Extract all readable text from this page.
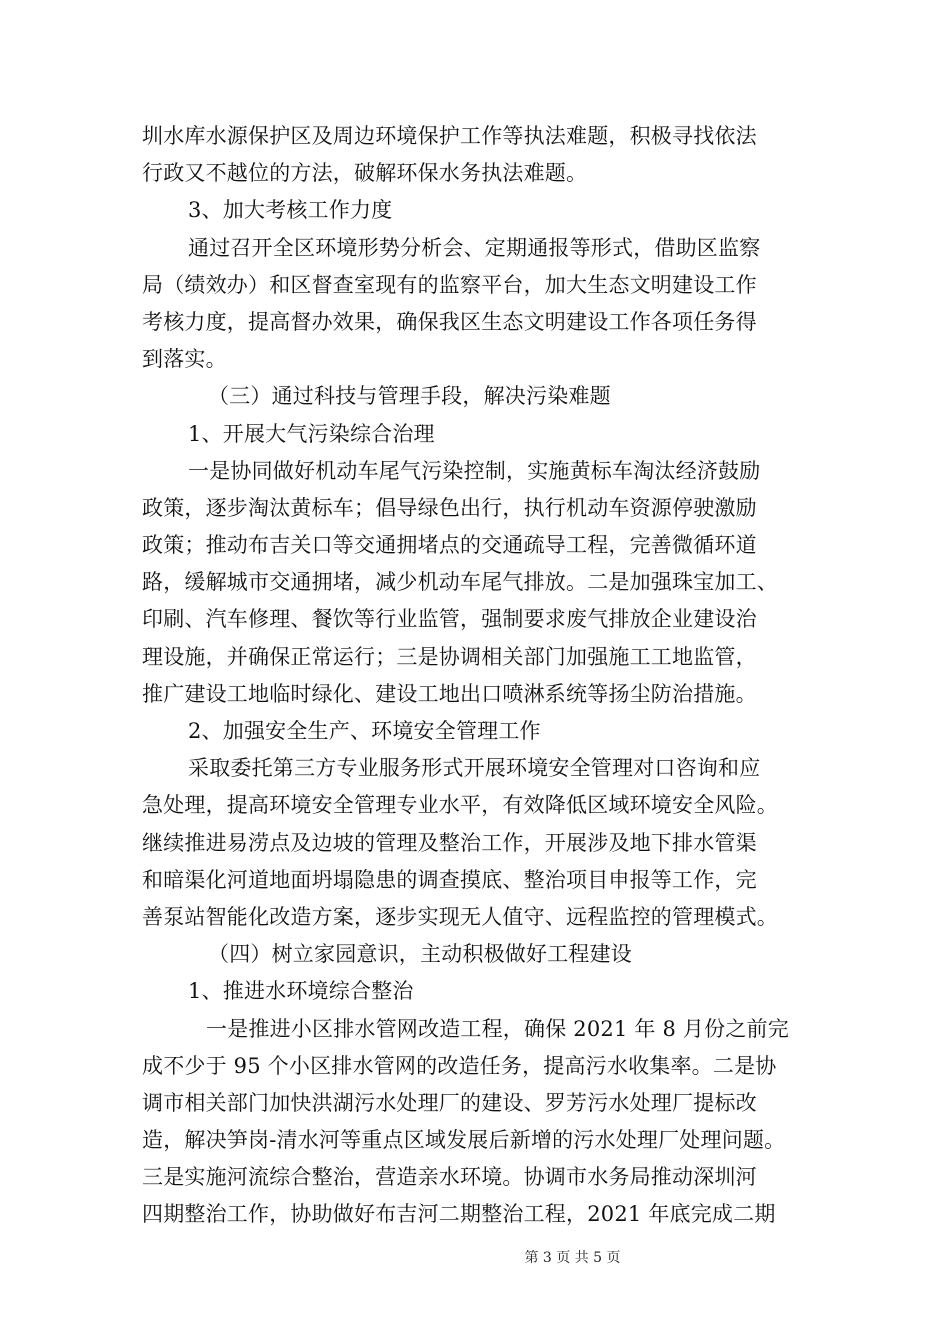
圳水库水源保护区及周边环境保护工作等执法难题，积极寻找依法
行政又不越位的方法，破解环保水务执法难题。
3、加大考核工作力度
通过召开全区环境形势分析会、定期通报等形式，借助区监察
局（绩效办）和区督查室现有的监察平台，加大生态文明建设工作
考核力度，提高督办效果，确保我区生态文明建设工作各项任务得
到落实。
（三）通过科技与管理手段，解决污染难题
1、开展大气污染综合治理
一是协同做好机动车尾气污染控制，实施黄标车淘汰经济鼓励
政策，逐步淘汰黄标车；倡导绿色出行，执行机动车资源停驶激励
政策；推动布吉关口等交通拥堵点的交通疏导工程，完善微循环道
路，缓解城市交通拥堵，减少机动车尾气排放。二是加强珠宝加工、
印刷、汽车修理、餐饮等行业监管，强制要求废气排放企业建设治
理设施，并确保正常运行；三是协调相关部门加强施工工地监管，
推广建设工地临时绿化、建设工地出口喷淋系统等扬尘防治措施。
2、加强安全生产、环境安全管理工作
采取委托第三方专业服务形式开展环境安全管理对口咨询和应
急处理，提高环境安全管理专业水平，有效降低区域环境安全风险。
继续推进易涝点及边坡的管理及整治工作，开展涉及地下排水管渠
和暗渠化河道地面坍塌隐患的调查摸底、整治项目申报等工作，完
善泵站智能化改造方案，逐步实现无人值守、远程监控的管理模式。
（四）树立家园意识，主动积极做好工程建设
1、推进水环境综合整治
一是推进小区排水管网改造工程，确保 2021 年 8 月份之前完
成不少于 95 个小区排水管网的改造任务，提高污水收集率。二是协
调市相关部门加快洪湖污水处理厂的建设、罗芳污水处理厂提标改
造，解决笋岗-清水河等重点区域发展后新增的污水处理厂处理问题。
三是实施河流综合整治，营造亲水环境。协调市水务局推动深圳河
四期整治工作，协助做好布吉河二期整治工程，2021 年底完成二期
第 3 页 共 5 页
